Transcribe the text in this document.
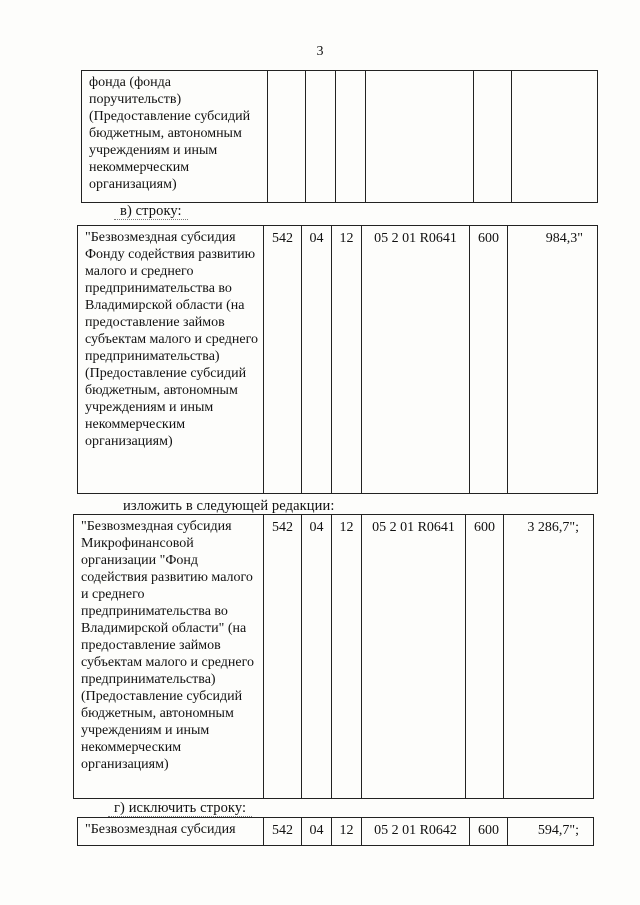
3
фонда (фонда поручительств) (Предоставление субсидий бюджетным, автономным учреждениям и иным некоммерческим организациям)						
в) строку:
"Безвозмездная субсидия Фонду содействия развитию малого и среднего предпринимательства во Владимирской области (на предоставление займов субъектам малого и среднего предпринимательства) (Предоставление субсидий бюджетным, автономным учреждениям и иным некоммерческим организациям)	542	04	12	05 2 01 R0641	600	984,3"
изложить в следующей редакции:
"Безвозмездная субсидия Микрофинансовой организации "Фонд содействия развитию малого и среднего предпринимательства во Владимирской области" (на предоставление займов субъектам малого и среднего предпринимательства) (Предоставление субсидий бюджетным, автономным учреждениям и иным некоммерческим организациям)	542	04	12	05 2 01 R0641	600	3 286,7";
г) исключить строку:
"Безвозмездная субсидия	542	04	12	05 2 01 R0642	600	594,7";
